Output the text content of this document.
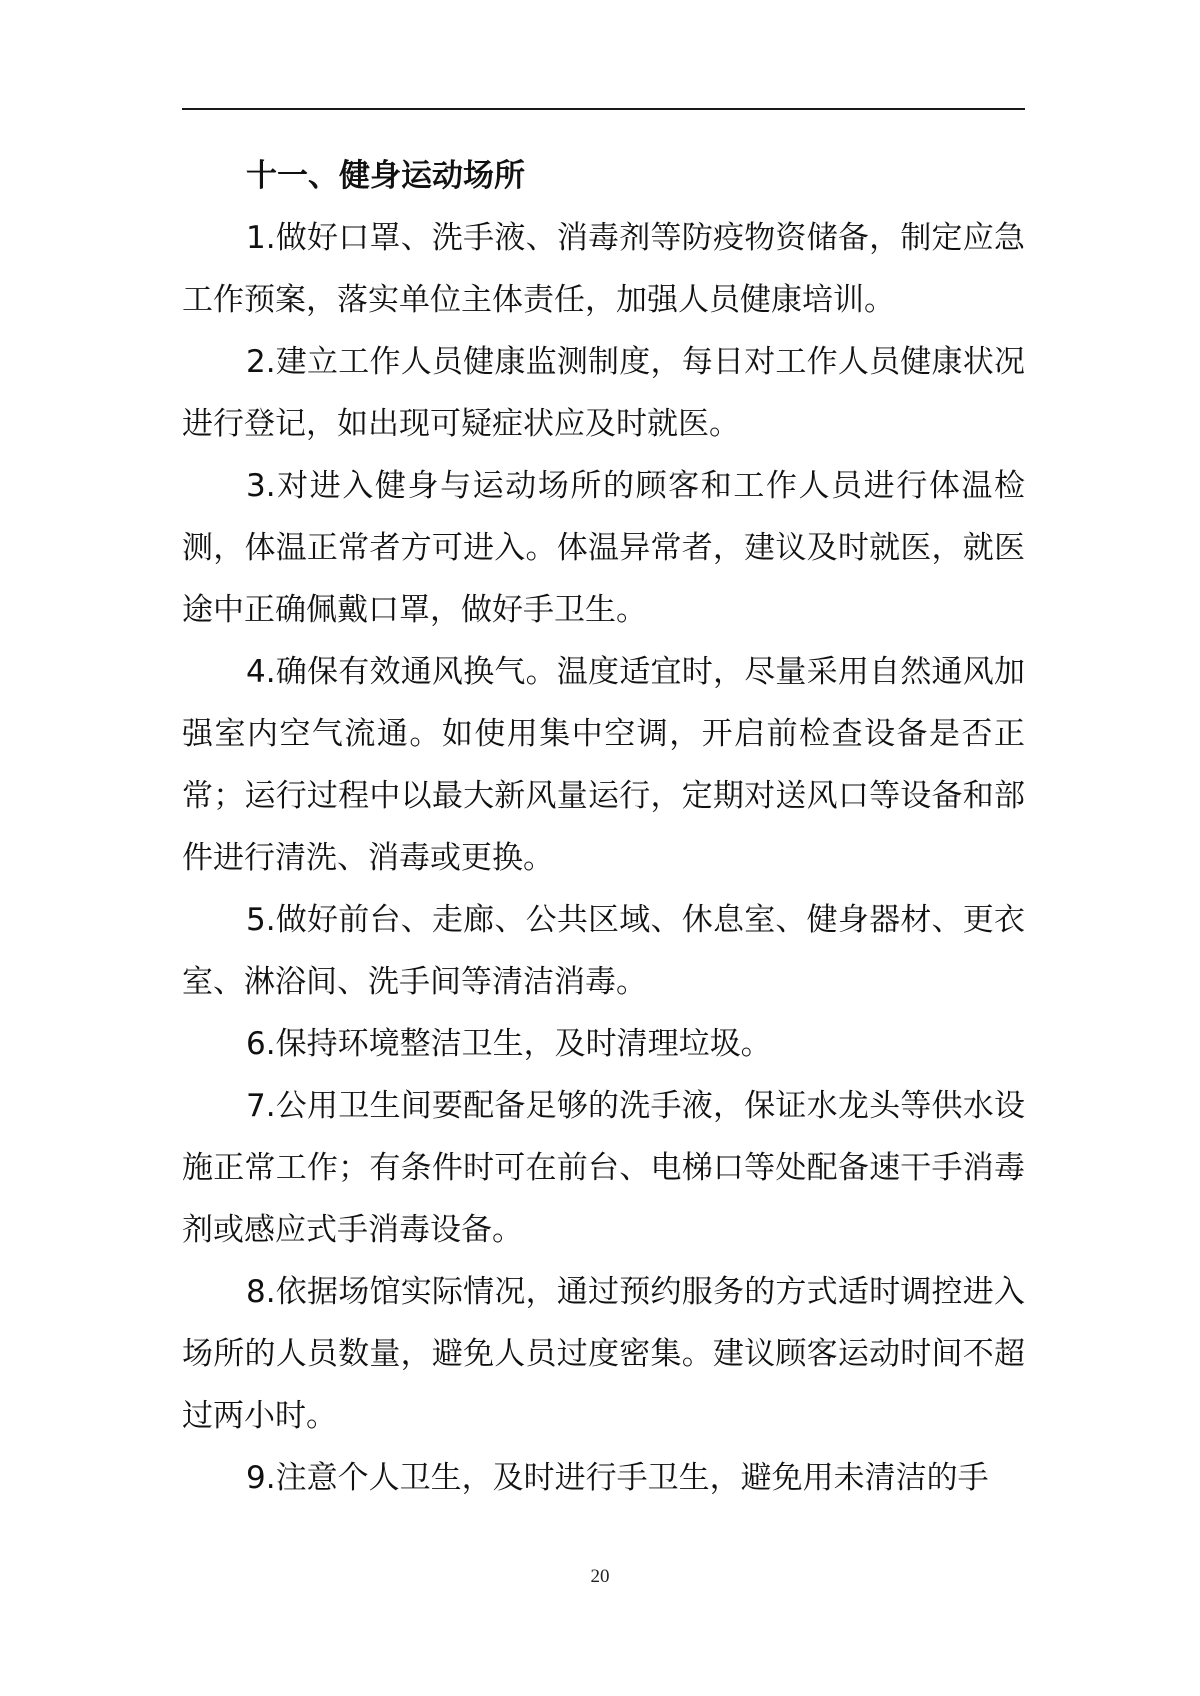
十一、健身运动场所

1.做好口罩、洗手液、消毒剂等防疫物资储备，制定应急工作预案，落实单位主体责任，加强人员健康培训。

2.建立工作人员健康监测制度，每日对工作人员健康状况进行登记，如出现可疑症状应及时就医。

3.对进入健身与运动场所的顾客和工作人员进行体温检测，体温正常者方可进入。体温异常者，建议及时就医，就医途中正确佩戴口罩，做好手卫生。

4.确保有效通风换气。温度适宜时，尽量采用自然通风加强室内空气流通。如使用集中空调，开启前检查设备是否正常；运行过程中以最大新风量运行，定期对送风口等设备和部件进行清洗、消毒或更换。

5.做好前台、走廊、公共区域、休息室、健身器材、更衣室、淋浴间、洗手间等清洁消毒。

6.保持环境整洁卫生，及时清理垃圾。

7.公用卫生间要配备足够的洗手液，保证水龙头等供水设施正常工作；有条件时可在前台、电梯口等处配备速干手消毒剂或感应式手消毒设备。

8.依据场馆实际情况，通过预约服务的方式适时调控进入场所的人员数量，避免人员过度密集。建议顾客运动时间不超过两小时。

9.注意个人卫生，及时进行手卫生，避免用未清洁的手

20
